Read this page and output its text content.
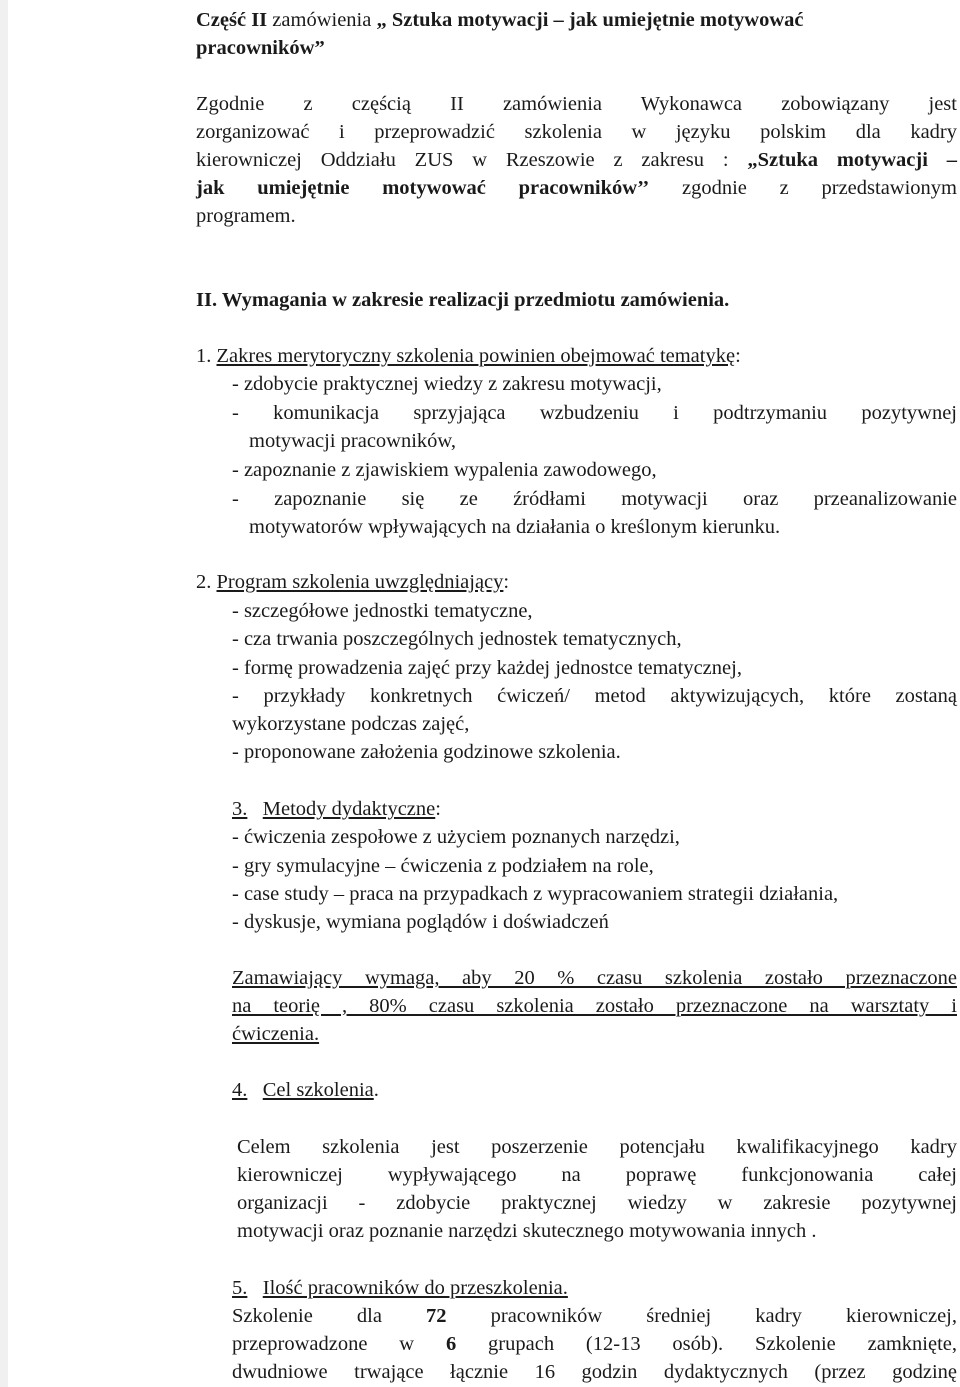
Część II zamówienia „ Sztuka motywacji – jak umiejętnie motywować
pracowników”
Zgodnie z częścią II zamówienia Wykonawca zobowiązany jest
zorganizować i przeprowadzić szkolenia w języku polskim dla kadry
kierowniczej Oddziału ZUS w Rzeszowie z zakresu : „Sztuka motywacji –
jak umiejętnie motywować pracowników’’ zgodnie z przedstawionym
programem.
II. Wymagania w zakresie realizacji przedmiotu zamówienia.
1. Zakres merytoryczny szkolenia powinien obejmować tematykę:
- zdobycie praktycznej wiedzy z zakresu motywacji,
- komunikacja sprzyjająca wzbudzeniu i podtrzymaniu pozytywnej
motywacji pracowników,
- zapoznanie z zjawiskiem wypalenia zawodowego,
- zapoznanie się ze źródłami motywacji oraz przeanalizowanie
motywatorów wpływających na działania o kreślonym kierunku.
2. Program szkolenia uwzględniający:
- szczegółowe jednostki tematyczne,
- cza trwania poszczególnych jednostek tematycznych,
- formę prowadzenia zajęć przy każdej jednostce tematycznej,
- przykłady konkretnych ćwiczeń/ metod aktywizujących, które zostaną
wykorzystane podczas zajęć,
- proponowane założenia godzinowe szkolenia.
3. Metody dydaktyczne:
- ćwiczenia zespołowe z użyciem poznanych narzędzi,
- gry symulacyjne – ćwiczenia z podziałem na role,
- case study – praca na przypadkach z wypracowaniem strategii działania,
- dyskusje, wymiana poglądów i doświadczeń
Zamawiający wymaga, aby 20 % czasu szkolenia zostało przeznaczone
na teorię , 80% czasu szkolenia zostało przeznaczone na warsztaty i
ćwiczenia.
4. Cel szkolenia.
Celem szkolenia jest poszerzenie potencjału kwalifikacyjnego kadry
kierowniczej wypływającego na poprawę funkcjonowania całej
organizacji - zdobycie praktycznej wiedzy w zakresie pozytywnej
motywacji oraz poznanie narzędzi skutecznego motywowania innych .
5. Ilość pracowników do przeszkolenia.
Szkolenie dla 72 pracowników średniej kadry kierowniczej,
przeprowadzone w 6 grupach (12-13 osób). Szkolenie zamknięte,
dwudniowe trwające łącznie 16 godzin dydaktycznych (przez godzinę
